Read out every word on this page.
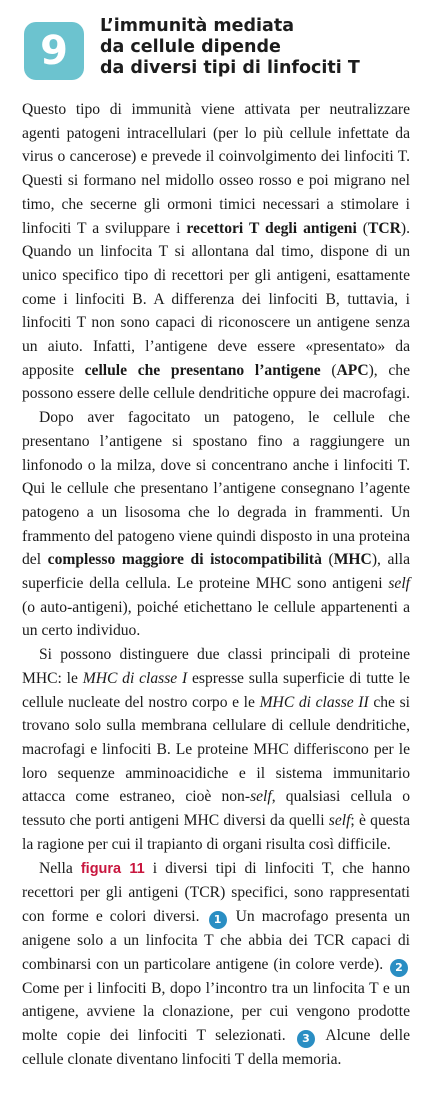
9
L’immunità mediata
da cellule dipende
da diversi tipi di linfociti T

Questo tipo di immunità viene attivata per neutralizzare agenti patogeni intracellulari (per lo più cellule infettate da virus o cancerose) e prevede il coinvolgimento dei linfociti T. Questi si formano nel midollo osseo rosso e poi migrano nel timo, che secerne gli ormoni timici necessari a stimolare i linfociti T a sviluppare i recettori T degli antigeni (TCR). Quando un linfocita T si allontana dal timo, dispone di un unico specifico tipo di recettori per gli antigeni, esattamente come i linfociti B. A differenza dei linfociti B, tuttavia, i linfociti T non sono capaci di riconoscere un antigene senza un aiuto. Infatti, l’antigene deve essere «presentato» da apposite cellule che presentano l’antigene (APC), che possono essere delle cellule dendritiche oppure dei macrofagi.

Dopo aver fagocitato un patogeno, le cellule che presentano l’antigene si spostano fino a raggiungere un linfonodo o la milza, dove si concentrano anche i linfociti T. Qui le cellule che presentano l’antigene consegnano l’agente patogeno a un lisosoma che lo degrada in frammenti. Un frammento del patogeno viene quindi disposto in una proteina del complesso maggiore di istocompatibilità (MHC), alla superficie della cellula. Le proteine MHC sono antigeni self (o auto-antigeni), poiché etichettano le cellule appartenenti a un certo individuo.

Si possono distinguere due classi principali di proteine MHC: le MHC di classe I espresse sulla superficie di tutte le cellule nucleate del nostro corpo e le MHC di classe II che si trovano solo sulla membrana cellulare di cellule dendritiche, macrofagi e linfociti B. Le proteine MHC differiscono per le loro sequenze amminoacidiche e il sistema immunitario attacca come estraneo, cioè non-self, qualsiasi cellula o tessuto che porti antigeni MHC diversi da quelli self; è questa la ragione per cui il trapianto di organi risulta così difficile.

Nella figura 11 i diversi tipi di linfociti T, che hanno recettori per gli antigeni (TCR) specifici, sono rappresentati con forme e colori diversi. 1 Un macrofago presenta un anigene solo a un linfocita T che abbia dei TCR capaci di combinarsi con un particolare antigene (in colore verde). 2 Come per i linfociti B, dopo l’incontro tra un linfocita T e un antigene, avviene la clonazione, per cui vengono prodotte molte copie dei linfociti T selezionati. 3 Alcune delle cellule clonate diventano linfociti T della memoria.
